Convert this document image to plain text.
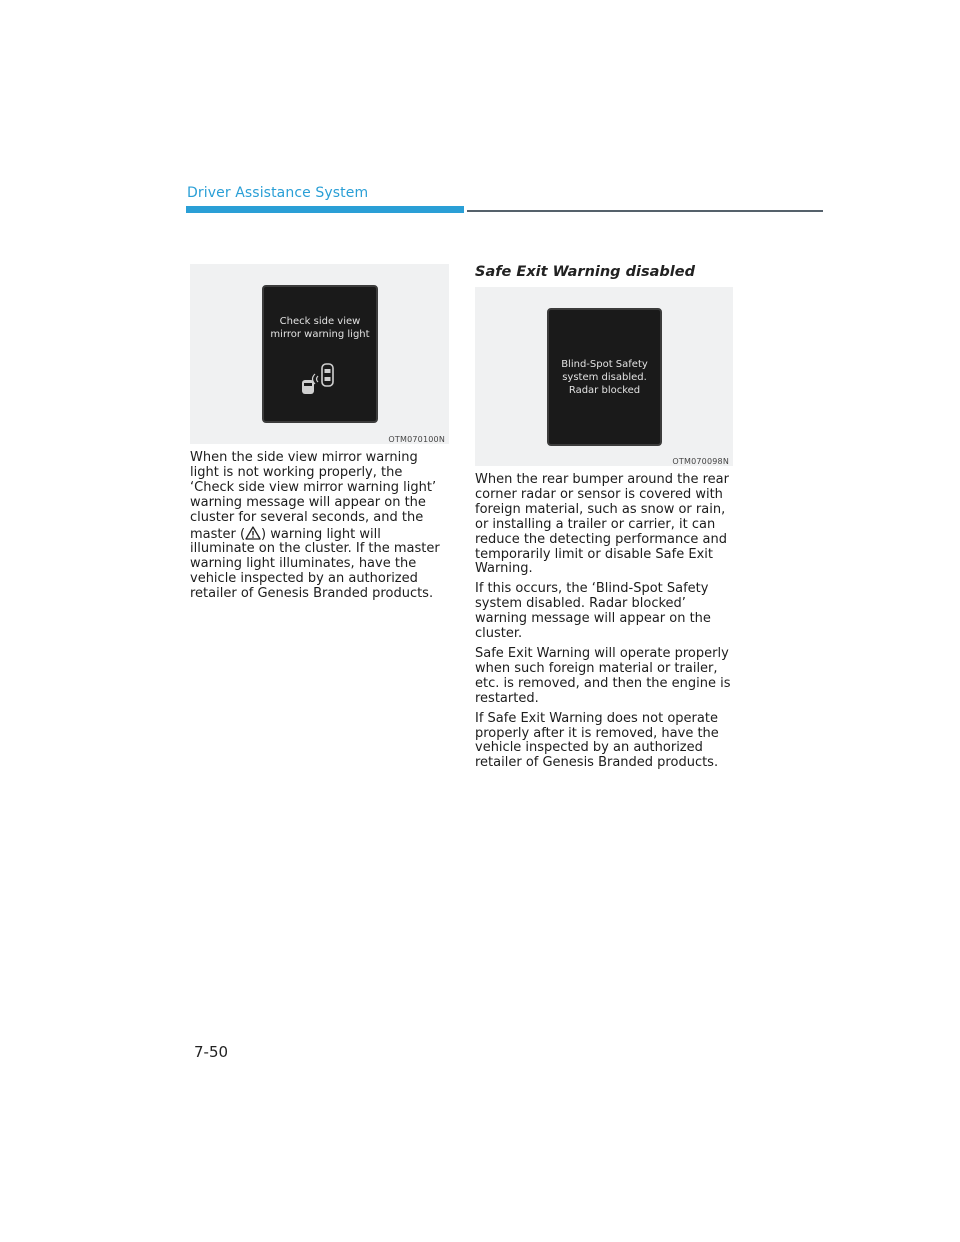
Driver Assistance System
Check side view mirror warning light
OTM070100N

When the side view mirror warning light is not working properly, the ‘Check side view mirror warning light’ warning message will appear on the cluster for several seconds, and the master ( ) warning light will illuminate on the cluster. If the master warning light illuminates, have the vehicle inspected by an authorized retailer of Genesis Branded products.

Safe Exit Warning disabled
Blind-Spot Safety system disabled. Radar blocked
OTM070098N

When the rear bumper around the rear corner radar or sensor is covered with foreign material, such as snow or rain, or installing a trailer or carrier, it can reduce the detecting performance and temporarily limit or disable Safe Exit Warning.

If this occurs, the ‘Blind-Spot Safety system disabled. Radar blocked’ warning message will appear on the cluster.

Safe Exit Warning will operate properly when such foreign material or trailer, etc. is removed, and then the engine is restarted.

If Safe Exit Warning does not operate properly after it is removed, have the vehicle inspected by an authorized retailer of Genesis Branded products.

7-50
